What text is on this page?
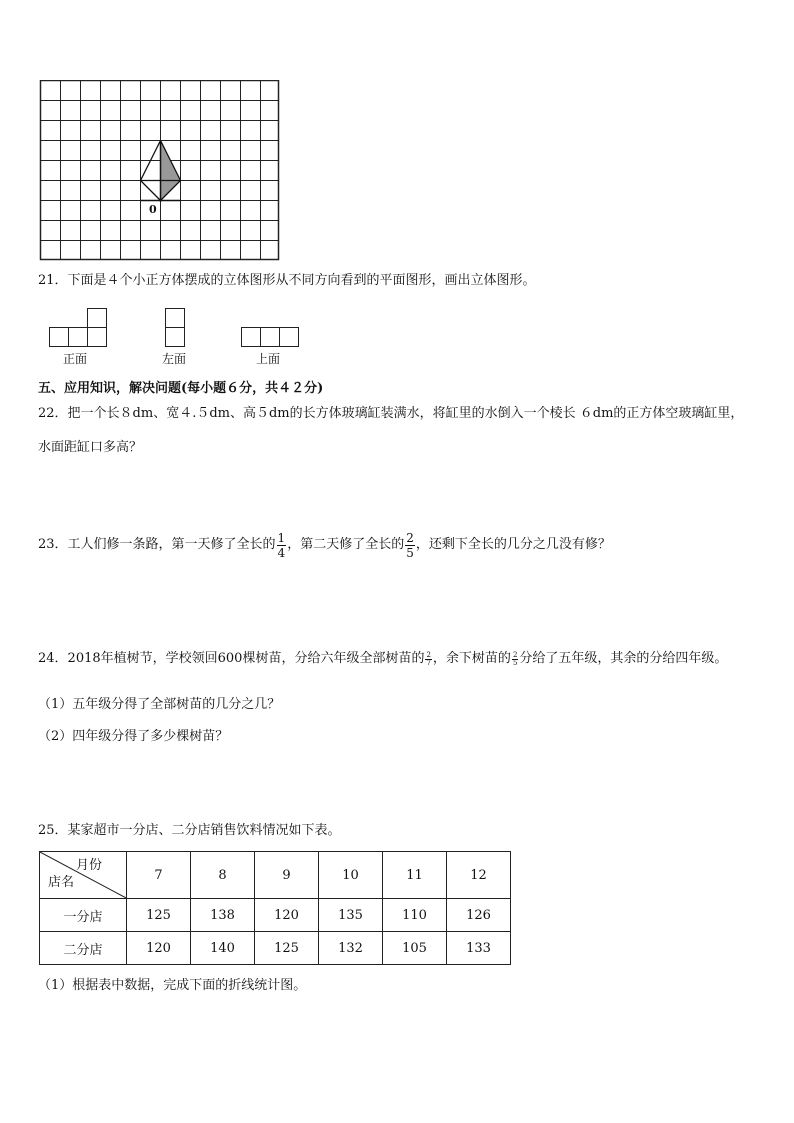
0
21．下面是４个小正方体摆成的立体图形从不同方向看到的平面图形，画出立体图形。
正面	左面	上面
五、应用知识，解决问题(每小题６分，共４２分)
22．把一个长８dm、宽４.５dm、高５dm的长方体玻璃缸装满水，将缸里的水倒入一个棱长 ６dm的正方体空玻璃缸里，
水面距缸口多高？
23．工人们修一条路，第一天修了全长的 $\frac{1}{4}$ ，第二天修了全长的 $\frac{2}{5}$ ，还剩下全长的几分之几没有修？
24．2018年植树节，学校领回600棵树苗，分给六年级全部树苗的 $\frac{2}{7}$ ，余下树苗的 $\frac{2}{5}$ 分给了五年级，其余的分给四年级。
（1）五年级分得了全部树苗的几分之几？
（2）四年级分得了多少棵树苗？
25．某家超市一分店、二分店销售饮料情况如下表。
月份
店名	7	8	9	10	11	12
一分店	125	138	120	135	110	126
二分店	120	140	125	132	105	133
（1）根据表中数据，完成下面的折线统计图。
